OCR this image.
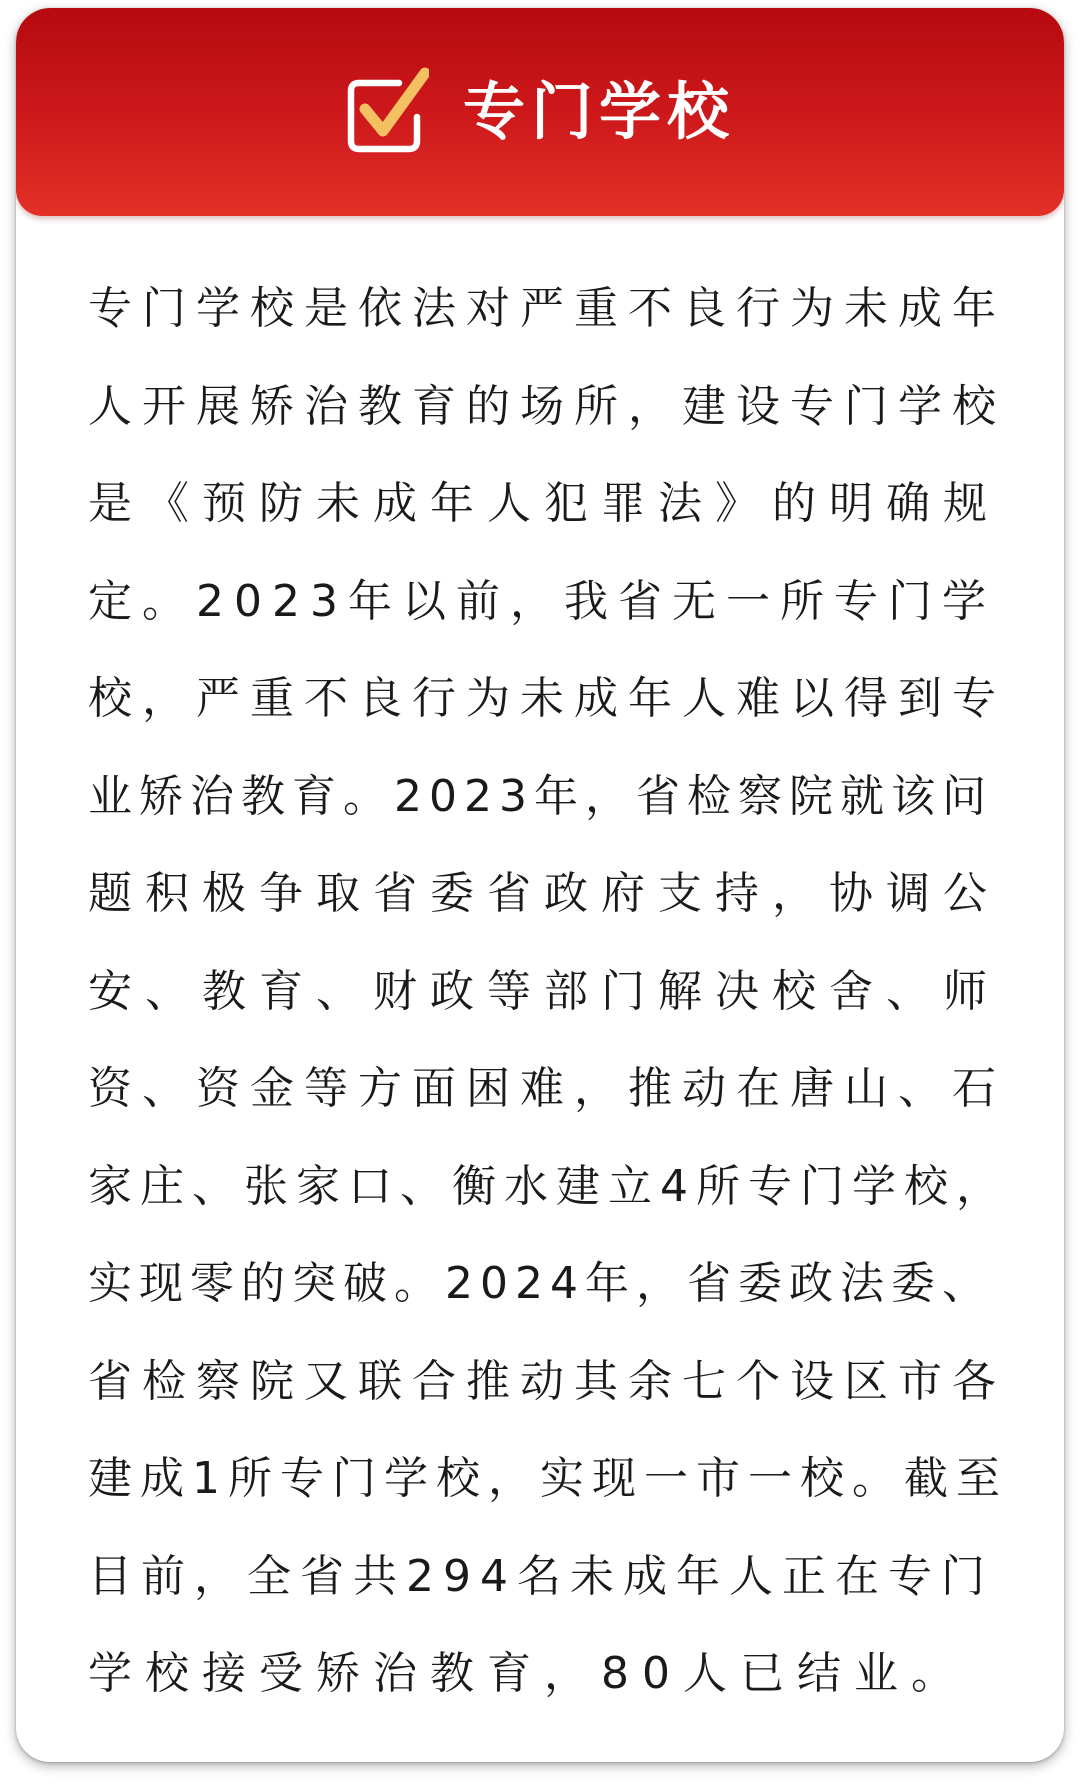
专门学校
专门学校是依法对严重不良行为未成年
人开展矫治教育的场所，建设专门学校
是《预防未成年人犯罪法》的明确规
定。2023年以前，我省无一所专门学
校，严重不良行为未成年人难以得到专
业矫治教育。2023年，省检察院就该问
题积极争取省委省政府支持，协调公
安、教育、财政等部门解决校舍、师
资、资金等方面困难，推动在唐山、石
家庄、张家口、衡水建立4所专门学校，
实现零的突破。2024年，省委政法委、
省检察院又联合推动其余七个设区市各
建成1所专门学校，实现一市一校。截至
目前，全省共294名未成年人正在专门
学校接受矫治教育，80人已结业。
